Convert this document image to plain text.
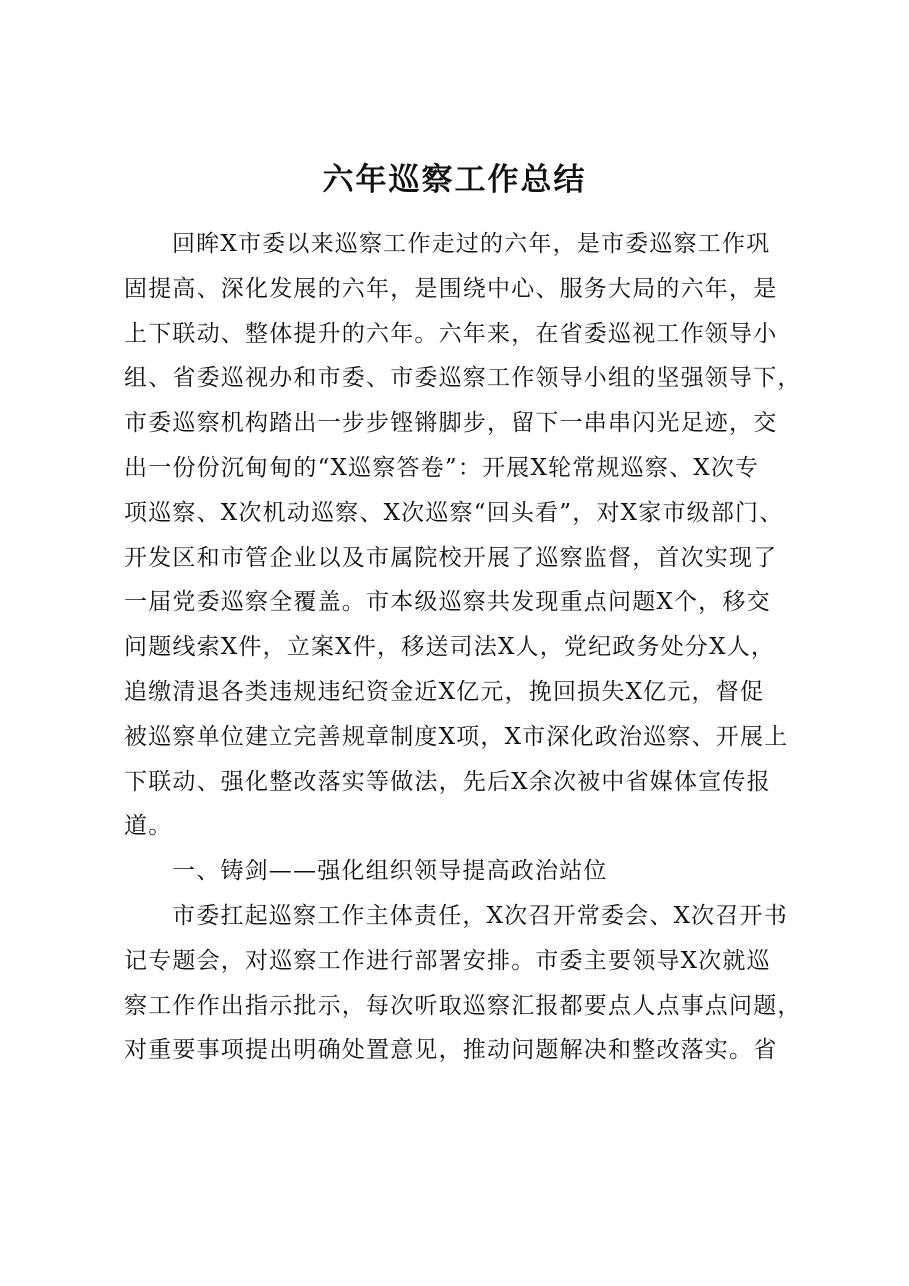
六年巡察工作总结
回眸X市委以来巡察工作走过的六年，是市委巡察工作巩
固提高、深化发展的六年，是围绕中心、服务大局的六年，是
上下联动、整体提升的六年。六年来，在省委巡视工作领导小
组、省委巡视办和市委、市委巡察工作领导小组的坚强领导下，
市委巡察机构踏出一步步铿锵脚步，留下一串串闪光足迹，交
出一份份沉甸甸的“X巡察答卷”：开展X轮常规巡察、X次专
项巡察、X次机动巡察、X次巡察“回头看”，对X家市级部门、
开发区和市管企业以及市属院校开展了巡察监督，首次实现了
一届党委巡察全覆盖。市本级巡察共发现重点问题X个，移交
问题线索X件，立案X件，移送司法X人，党纪政务处分X人，
追缴清退各类违规违纪资金近X亿元，挽回损失X亿元，督促
被巡察单位建立完善规章制度X项，X市深化政治巡察、开展上
下联动、强化整改落实等做法，先后X余次被中省媒体宣传报
道。
一、铸剑——强化组织领导提高政治站位
市委扛起巡察工作主体责任，X次召开常委会、X次召开书
记专题会，对巡察工作进行部署安排。市委主要领导X次就巡
察工作作出指示批示，每次听取巡察汇报都要点人点事点问题，
对重要事项提出明确处置意见，推动问题解决和整改落实。省
